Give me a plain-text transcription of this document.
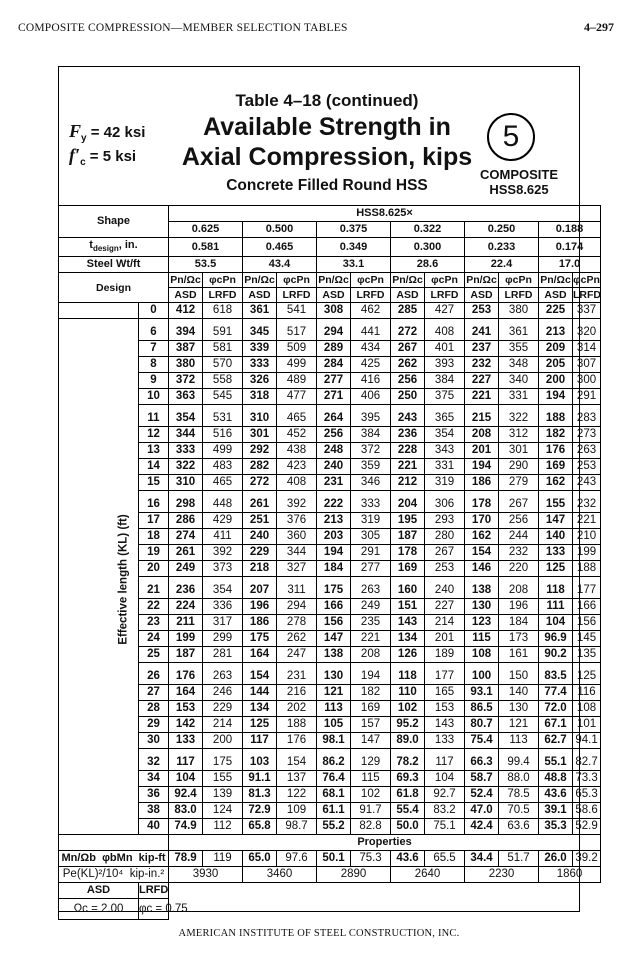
COMPOSITE COMPRESSION—MEMBER SELECTION TABLES	4–297
$F_y = 42$ ksi
$f'_c = 5$ ksi
Table 4–18 (continued)
Available Strength in
Axial Compression, kips
Concrete Filled Round HSS
5
COMPOSITE
HSS8.625
Shape		HSS8.625×											
		0.625		0.500		0.375		0.322		0.250		0.188	
$t_{design}$, in.		0.581		0.465		0.349		0.300		0.233		0.174	
Steel Wt/ft		53.5		43.4		33.1		28.6		22.4		17.0	
Design		Pn/Ωc	φcPn	Pn/Ωc	φcPn	Pn/Ωc	φcPn	Pn/Ωc	φcPn	Pn/Ωc	φcPn	Pn/Ωc	φcPn
		ASD	LRFD	ASD	LRFD	ASD	LRFD	ASD	LRFD	ASD	LRFD	ASD	LRFD
	0	412	618	361	541	308	462	285	427	253	380	225	337
Effective length (KL) (ft)	6	394	591	345	517	294	441	272	408	241	361	213	320
	7	387	581	339	509	289	434	267	401	237	355	209	314
	8	380	570	333	499	284	425	262	393	232	348	205	307
	9	372	558	326	489	277	416	256	384	227	340	200	300
	10	363	545	318	477	271	406	250	375	221	331	194	291
	11	354	531	310	465	264	395	243	365	215	322	188	283
	12	344	516	301	452	256	384	236	354	208	312	182	273
	13	333	499	292	438	248	372	228	343	201	301	176	263
	14	322	483	282	423	240	359	221	331	194	290	169	253
	15	310	465	272	408	231	346	212	319	186	279	162	243
	16	298	448	261	392	222	333	204	306	178	267	155	232
	17	286	429	251	376	213	319	195	293	170	256	147	221
	18	274	411	240	360	203	305	187	280	162	244	140	210
	19	261	392	229	344	194	291	178	267	154	232	133	199
	20	249	373	218	327	184	277	169	253	146	220	125	188
	21	236	354	207	311	175	263	160	240	138	208	118	177
	22	224	336	196	294	166	249	151	227	130	196	111	166
	23	211	317	186	278	156	235	143	214	123	184	104	156
	24	199	299	175	262	147	221	134	201	115	173	96.9	145
	25	187	281	164	247	138	208	126	189	108	161	90.2	135
	26	176	263	154	231	130	194	118	177	100	150	83.5	125
	27	164	246	144	216	121	182	110	165	93.1	140	77.4	116
	28	153	229	134	202	113	169	102	153	86.5	130	72.0	108
	29	142	214	125	188	105	157	95.2	143	80.7	121	67.1	101
	30	133	200	117	176	98.1	147	89.0	133	75.4	113	62.7	94.1
	32	117	175	103	154	86.2	129	78.2	117	66.3	99.4	55.1	82.7
	34	104	155	91.1	137	76.4	115	69.3	104	58.7	88.0	48.8	73.3
	36	92.4	139	81.3	122	68.1	102	61.8	92.7	52.4	78.5	43.6	65.3
	38	83.0	124	72.9	109	61.1	91.7	55.4	83.2	47.0	70.5	39.1	58.6
	40	74.9	112	65.8	98.7	55.2	82.8	50.0	75.1	42.4	63.6	35.3	52.9
		Properties											
Mn/Ωb φbMn kip-ft		78.9	119	65.0	97.6	50.1	75.3	43.6	65.5	34.4	51.7	26.0	39.2
Pe(KL)²/10⁴ kip-in.²		3930		3460		2890		2640		2230		1860	
ASD	LRFD												
Ωc = 2.00	φc = 0.75												
AMERICAN INSTITUTE OF STEEL CONSTRUCTION, INC.
